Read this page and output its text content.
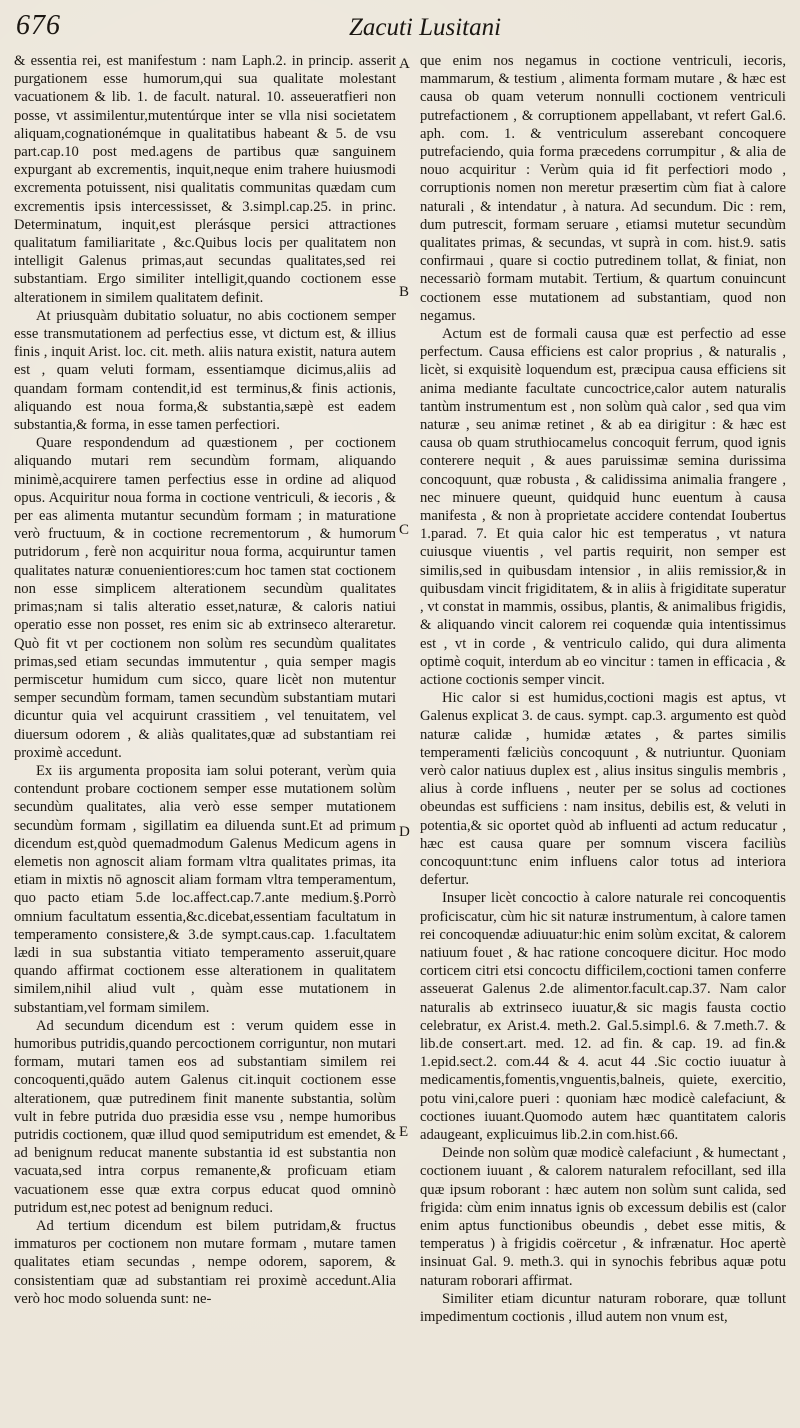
676	Zacuti Lusitani

& essentia rei, est manifestum : nam Laph.2. in princip. asserit purgationem esse humorum,qui sua qualitate molestant vacuationem & lib. 1. de facult. natural. 10. asseueratfieri non posse, vt assimilentur,mutentúrque inter se vlla nisi societatem aliquam,cognationémque in qualitatibus habeant & 5. de vsu part.cap.10 post med.agens de partibus quæ sanguinem expurgant ab excrementis, inquit,neque enim trahere huiusmodi excrementa potuissent, nisi qualitatis communitas quædam cum excrementis ipsis intercessisset, & 3.simpl.cap.25. in princ. Determinatum, inquit,est plerásque persici attractiones qualitatum familiaritate , &c.Quibus locis per qualitatem non intelligit Galenus primas,aut secundas qualitates,sed rei substantiam. Ergo similiter intelligit,quando coctionem esse alterationem in similem qualitatem definit.

At priusquàm dubitatio soluatur, no abis coctionem semper esse transmutationem ad perfectius esse, vt dictum est, & illius finis , inquit Arist. loc. cit. meth. aliis natura existit, natura autem est , quam veluti formam, essentiamque dicimus,aliis ad quandam formam contendit,id est terminus,& finis actionis, aliquando est noua forma,& substantia,sæpè est eadem substantia,& forma, in esse tamen perfectiori.

Quare respondendum ad quæstionem , per coctionem aliquando mutari rem secundùm formam, aliquando minimè,acquirere tamen perfectius esse in ordine ad aliquod opus. Acquiritur noua forma in coctione ventriculi, & iecoris , & per eas alimenta mutantur secundùm formam ; in maturatione verò fructuum, & in coctione recrementorum , & humorum putridorum , ferè non acquiritur noua forma, acquiruntur tamen qualitates naturæ conuenientiores:cum hoc tamen stat coctionem non esse simplicem alterationem secundùm qualitates primas;nam si talis alteratio esset,naturæ, & caloris natiui operatio esse non posset, res enim sic ab extrinseco alteraretur. Quò fit vt per coctionem non solùm res secundùm qualitates primas,sed etiam secundas immutentur , quia semper magis permiscetur humidum cum sicco, quare licèt non mutentur semper secundùm formam, tamen secundùm substantiam mutari dicuntur quia vel acquirunt crassitiem , vel tenuitatem, vel diuersum odorem , & aliàs qualitates,quæ ad substantiam rei proximè accedunt.

Ex iis argumenta proposita iam solui poterant, verùm quia contendunt probare coctionem semper esse mutationem solùm secundùm qualitates, alia verò esse semper mutationem secundùm formam , sigillatim ea diluenda sunt.Et ad primum dicendum est,quòd quemadmodum Galenus Medicum agens in elemetis non agnoscit aliam formam vltra qualitates primas, ita etiam in mixtis nō agnoscit aliam formam vltra temperamentum, quo pacto etiam 5.de loc.affect.cap.7.ante medium.§.Porrò omnium facultatum essentia,&c.dicebat,essentiam facultatum in temperamento consistere,& 3.de sympt.caus.cap. 1.facultatem lædi in sua substantia vitiato temperamento asseruit,quare quando affirmat coctionem esse alterationem in qualitatem similem,nihil aliud vult , quàm esse mutationem in substantiam,vel formam similem.

Ad secundum dicendum est : verum quidem esse in humoribus putridis,quando percoctionem corriguntur, non mutari formam, mutari tamen eos ad substantiam similem rei concoquenti,quādo autem Galenus cit.inquit coctionem esse alterationem, quæ putredinem finit manente substantia, solùm vult in febre putrida duo præsidia esse vsu , nempe humoribus putridis coctionem, quæ illud quod semiputridum est emendet, & ad benignum reducat manente substantia id est substantia non vacuata,sed intra corpus remanente,& proficuam etiam vacuationem esse quæ extra corpus educat quod omninò putridum est,nec potest ad benignum reduci.

Ad tertium dicendum est bilem putridam,& fructus immaturos per coctionem non mutare formam , mutare tamen qualitates etiam secundas , nempe odorem, saporem, & consistentiam quæ ad substantiam rei proximè accedunt.Alia verò hoc modo soluenda sunt: ne-

A
B
C
D
E

que enim nos negamus in coctione ventriculi, iecoris, mammarum, & testium , alimenta formam mutare , & hæc est causa ob quam veterum nonnulli coctionem ventriculi putrefactionem , & corruptionem appellabant, vt refert Gal.6. aph. com. 1. & ventriculum asserebant concoquere putrefaciendo, quia forma præcedens corrumpitur , & alia de nouo acquiritur : Verùm quia id fit perfectiori modo , corruptionis nomen non meretur præsertim cùm fiat à calore naturali , & intendatur , à natura. Ad secundum. Dic : rem, dum putrescit, formam seruare , etiamsi mutetur secundùm qualitates primas, & secundas, vt suprà in com. hist.9. satis confirmaui , quare si coctio putredinem tollat, & finiat, non necessariò formam mutabit. Tertium, & quartum conuincunt coctionem esse mutationem ad substantiam, quod non negamus.

Actum est de formali causa quæ est perfectio ad esse perfectum. Causa efficiens est calor proprius , & naturalis , licèt, si exquisitè loquendum est, præcipua causa efficiens sit anima mediante facultate cuncoctrice,calor autem naturalis tantùm instrumentum est , non solùm quà calor , sed qua vim naturæ , seu animæ retinet , & ab ea dirigitur : & hæc est causa ob quam struthiocamelus concoquit ferrum, quod ignis conterere nequit , & aues paruissimæ semina durissima concoquunt, quæ robusta , & calidissima animalia frangere , nec minuere queunt, quidquid hunc euentum à causa manifesta , & non à proprietate accidere contendat Ioubertus 1.parad. 7. Et quia calor hic est temperatus , vt natura cuiusque viuentis , vel partis requirit, non semper est similis,sed in quibusdam intensior , in aliis remissior,& in quibusdam vincit frigiditatem, & in aliis à frigiditate superatur , vt constat in mammis, ossibus, plantis, & animalibus frigidis, & aliquando vincit calorem rei coquendæ quia intentissimus est , vt in corde , & ventriculo calido, qui dura alimenta optimè coquit, interdum ab eo vincitur : tamen in efficacia , & actione coctionis semper vincit.

Hic calor si est humidus,coctioni magis est aptus, vt Galenus explicat 3. de caus. sympt. cap.3. argumento est quòd naturæ calidæ , humidæ ætates , & partes similis temperamenti fæliciùs concoquunt , & nutriuntur. Quoniam verò calor natiuus duplex est , alius insitus singulis membris , alius à corde influens , neuter per se solus ad coctiones obeundas est sufficiens : nam insitus, debilis est, & veluti in potentia,& sic oportet quòd ab influenti ad actum reducatur , hæc est causa quare per somnum viscera faciliùs concoquunt:tunc enim influens calor totus ad interiora defertur.

Insuper licèt concoctio à calore naturale rei concoquentis proficiscatur, cùm hic sit naturæ instrumentum, à calore tamen rei concoquendæ adiuuatur:hic enim solùm excitat, & calorem natiuum fouet , & hac ratione concoquere dicitur. Hoc modo corticem citri etsi concoctu difficilem,coctioni tamen conferre asseuerat Galenus 2.de alimentor.facult.cap.37. Nam calor naturalis ab extrinseco iuuatur,& sic magis fausta coctio celebratur, ex Arist.4. meth.2. Gal.5.simpl.6. & 7.meth.7. & lib.de consert.art. med. 12. ad fin. & cap. 19. ad fin.& 1.epid.sect.2. com.44 & 4. acut 44 .Sic coctio iuuatur à medicamentis,fomentis,vnguentis,balneis, quiete, exercitio, potu vini,calore pueri : quoniam hæc modicè calefaciunt, & coctiones iuuant.Quomodo autem hæc quantitatem caloris adaugeant, explicuimus lib.2.in com.hist.66.

Deinde non solùm quæ modicè calefaciunt , & humectant , coctionem iuuant , & calorem naturalem refocillant, sed illa quæ ipsum roborant : hæc autem non solùm sunt calida, sed frigida: cùm enim innatus ignis ob excessum debilis est (calor enim aptus functionibus obeundis , debet esse mitis, & temperatus ) à frigidis coërcetur , & infrænatur. Hoc apertè insinuat Gal. 9. meth.3. qui in synochis febribus aquæ potu naturam roborari affirmat.

Similiter etiam dicuntur naturam roborare, quæ tollunt impedimentum coctionis , illud autem non vnum est,
